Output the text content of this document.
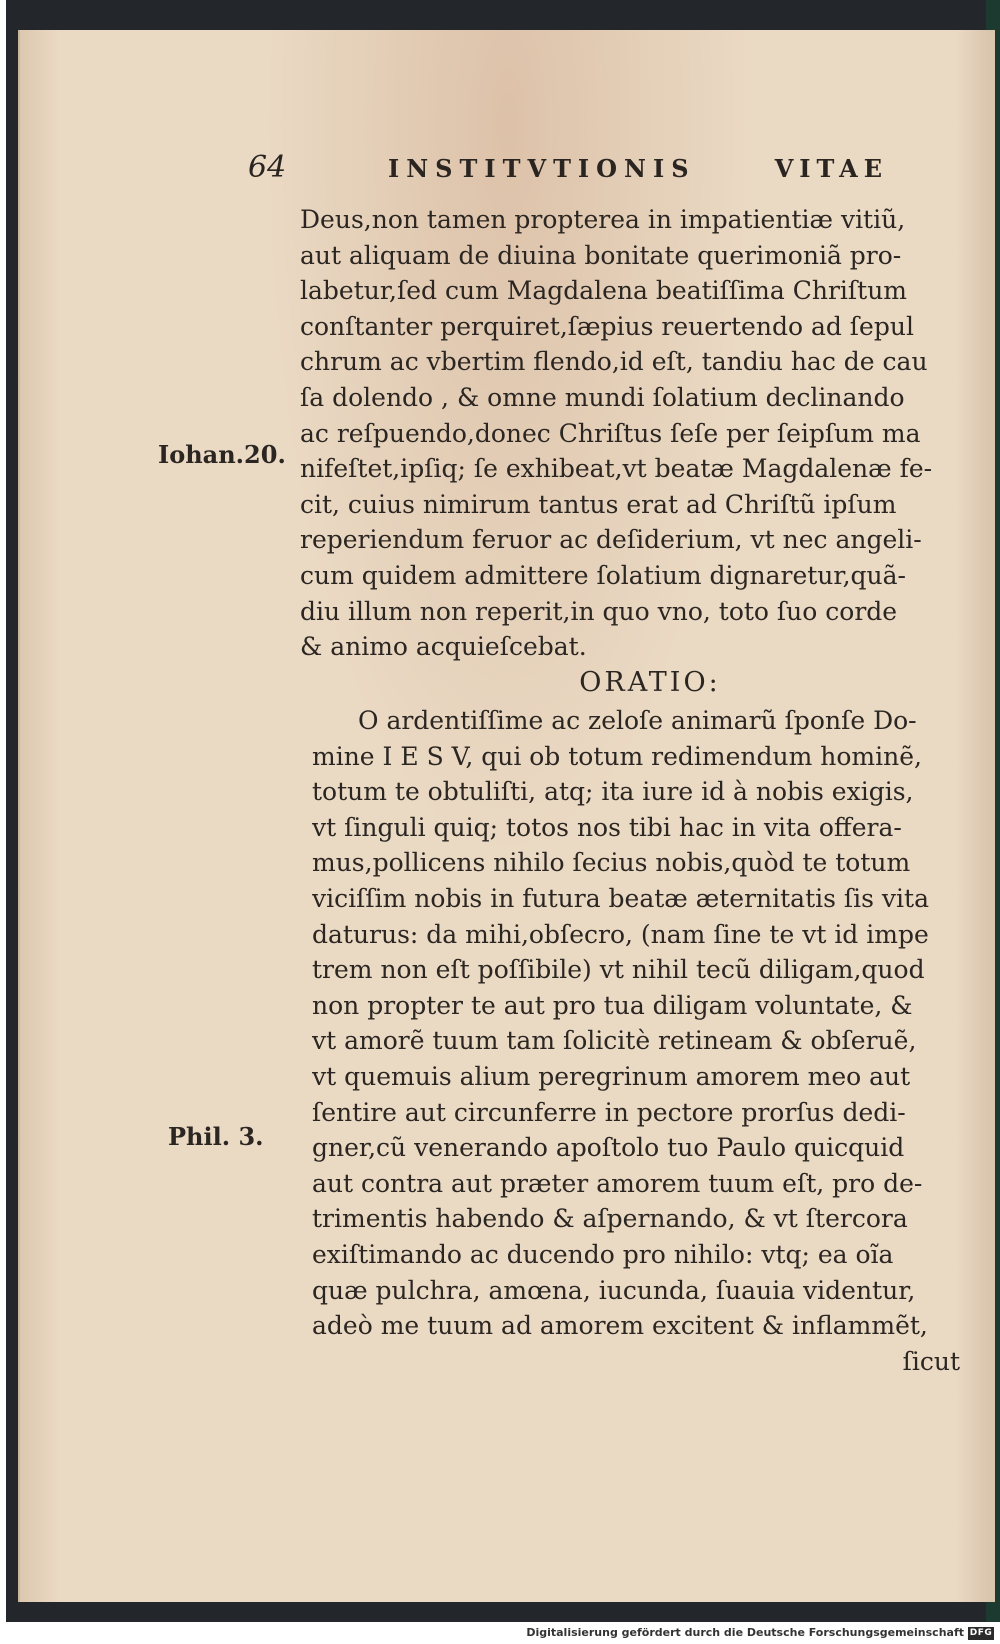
64	INSTITVTIONIS	VITAE
Deus,non tamen propterea in impatientiæ vitiũ,
aut aliquam de diuina bonitate querimoniã pro-
labetur,ſed cum Magdalena beatiſſima Chriſtum
conſtanter perquiret,ſæpius reuertendo ad ſepul
chrum ac vbertim flendo,id eſt, tandiu hac de cau
ſa dolendo , & omne mundi ſolatium declinando
ac reſpuendo,donec Chriſtus ſeſe per ſeipſum ma
nifeſtet,ipſiq; ſe exhibeat,vt beatæ Magdalenæ fe-
cit, cuius nimirum tantus erat ad Chriſtũ ipſum
reperiendum feruor ac deſiderium, vt nec angeli-
cum quidem admittere ſolatium dignaretur,quã-
diu illum non reperit,in quo vno, toto ſuo corde
& animo acquieſcebat.
ORATIO:
O ardentiſſime ac zeloſe animarũ ſponſe Do-
mine I E S V, qui ob totum redimendum hominẽ,
totum te obtuliſti, atq; ita iure id à nobis exigis,
vt ſinguli quiq; totos nos tibi hac in vita offera-
mus,pollicens nihilo ſecius nobis,quòd te totum
viciſſim nobis in futura beatæ æternitatis ſis vita
daturus: da mihi,obſecro, (nam ſine te vt id impe
trem non eſt poſſibile) vt nihil tecũ diligam,quod
non propter te aut pro tua diligam voluntate, &
vt amorẽ tuum tam ſolicitè retineam & obſeruẽ,
vt quemuis alium peregrinum amorem meo aut
ſentire aut circunferre in pectore prorſus dedi-
gner,cũ venerando apoſtolo tuo Paulo quicquid
aut contra aut præter amorem tuum eſt, pro de-
trimentis habendo & aſpernando, & vt ſtercora
exiſtimando ac ducendo pro nihilo: vtq; ea oĩa
quæ pulchra, amœna, iucunda, ſuauia videntur,
adeò me tuum ad amorem excitent & inflammẽt,
ſicut
Iohan.20.
Phil. 3.
Digitalisierung gefördert durch die Deutsche Forschungsgemeinschaft DFG
